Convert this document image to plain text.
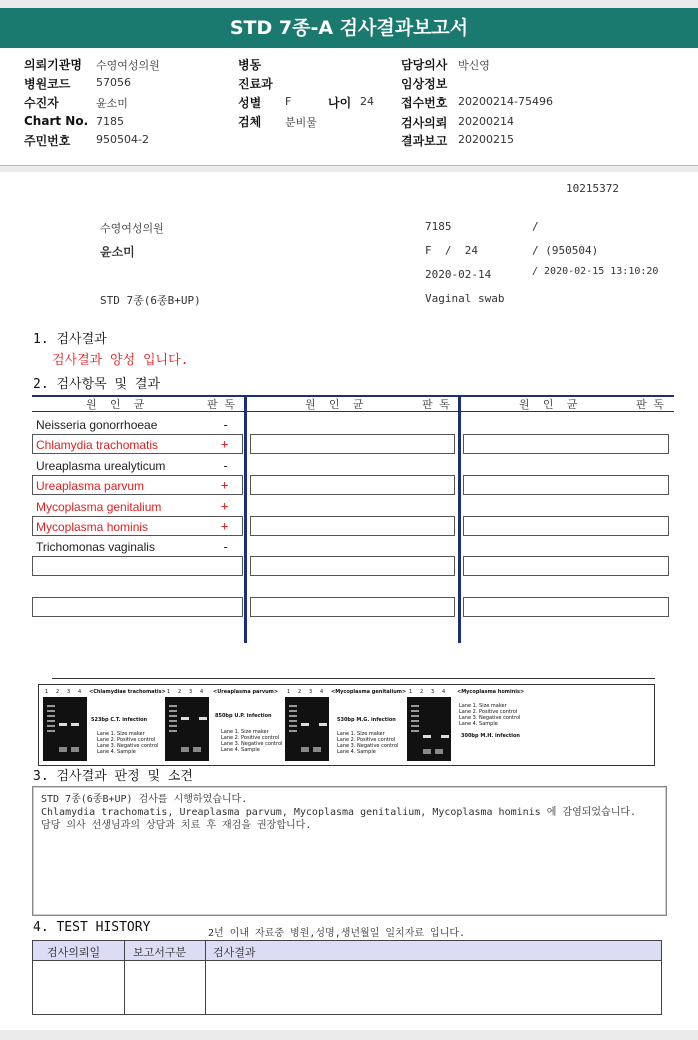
STD 7종-A 검사결과보고서
의뢰기관명 수영여성의원
병원코드 57056
수진자	윤소미
Chart No. 7185
주민번호 950504-2
병동
진료과
성별 F	나이 24
검체 분비물
담당의사 박신영
임상정보
접수번호 20200214-75496
검사의뢰 20200214
결과보고 20200215
10215372
수영여성의원	7185	/
윤소미	F  /  24	/ (950504)
2020-02-14	/ 2020-02-15 13:10:20
STD 7종(6종B+UP)	Vaginal swab
1. 검사결과
검사결과 양성 입니다.
2. 검사항목 및 결과
원  인  균	판 독	원  인  균	판 독	원  인  균	판 독
Neisseria gonorrhoeae	-
Chlamydia trachomatis	+
Ureaplasma urealyticum	-
Ureaplasma parvum	+
Mycoplasma genitalium	+
Mycoplasma hominis	+
Trichomonas vaginalis	-
1 2 3 4 <Chlamydiae trachomatis>
523bp C.T. infection
Lane 1. Size maker
Lane 2. Positive control
Lane 3. Negative control
Lane 4. Sample
1 2 3 4 <Ureaplasma parvum>
850bp U.P. infection
Lane 1. Size maker
Lane 2. Positive control
Lane 3. Negative control
Lane 4. Sample
1 2 3 4 <Mycoplasma genitalium>
530bp M.G. infection
Lane 1. Size maker
Lane 2. Positive control
Lane 3. Negative control
Lane 4. Sample
1 2 3 4 <Mycoplasma hominis>
Lane 1. Size maker
Lane 2. Positive control
Lane 3. Negative control
Lane 4. Sample
300bp M.H. infection
3. 검사결과 판정 및 소견
STD 7종(6종B+UP) 검사를 시행하였습니다.
Chlamydia trachomatis, Ureaplasma parvum, Mycoplasma genitalium, Mycoplasma hominis 에 감염되었습니다.
담당 의사 선생님과의 상담과 치료 후 재검을 권장합니다.
4. TEST HISTORY	2년 이내 자료중 병원,성명,생년월일 일치자료 입니다.
검사의뢰일	보고서구분 검사결과
